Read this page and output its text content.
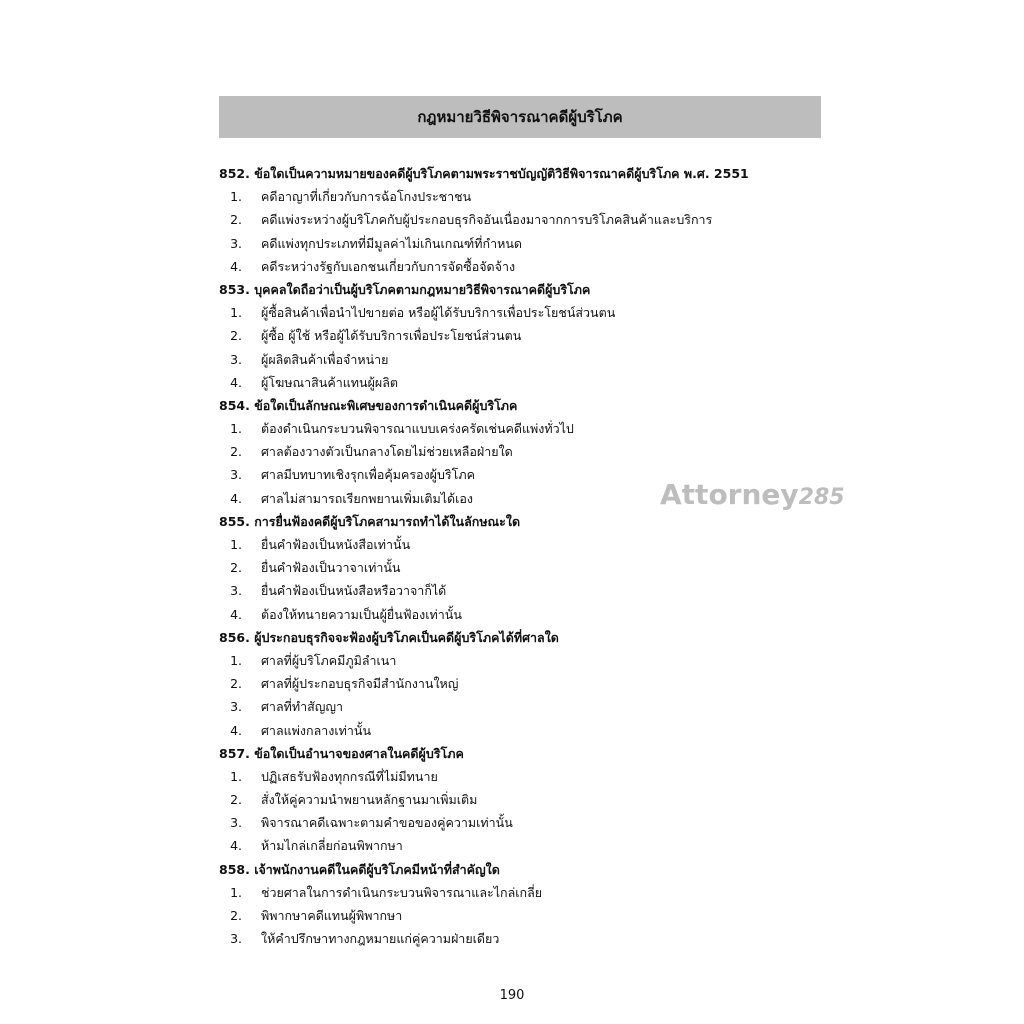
กฎหมายวิธีพิจารณาคดีผู้บริโภค
852. ข้อใดเป็นความหมายของคดีผู้บริโภคตามพระราชบัญญัติวิธีพิจารณาคดีผู้บริโภค พ.ศ. 2551
1. คดีอาญาที่เกี่ยวกับการฉ้อโกงประชาชน
2. คดีแพ่งระหว่างผู้บริโภคกับผู้ประกอบธุรกิจอันเนื่องมาจากการบริโภคสินค้าและบริการ
3. คดีแพ่งทุกประเภทที่มีมูลค่าไม่เกินเกณฑ์ที่กำหนด
4. คดีระหว่างรัฐกับเอกชนเกี่ยวกับการจัดซื้อจัดจ้าง
853. บุคคลใดถือว่าเป็นผู้บริโภคตามกฎหมายวิธีพิจารณาคดีผู้บริโภค
1. ผู้ซื้อสินค้าเพื่อนำไปขายต่อ หรือผู้ได้รับบริการเพื่อประโยชน์ส่วนตน
2. ผู้ซื้อ ผู้ใช้ หรือผู้ได้รับบริการเพื่อประโยชน์ส่วนตน
3. ผู้ผลิตสินค้าเพื่อจำหน่าย
4. ผู้โฆษณาสินค้าแทนผู้ผลิต
854. ข้อใดเป็นลักษณะพิเศษของการดำเนินคดีผู้บริโภค
1. ต้องดำเนินกระบวนพิจารณาแบบเคร่งครัดเช่นคดีแพ่งทั่วไป
2. ศาลต้องวางตัวเป็นกลางโดยไม่ช่วยเหลือฝ่ายใด
3. ศาลมีบทบาทเชิงรุกเพื่อคุ้มครองผู้บริโภค
4. ศาลไม่สามารถเรียกพยานเพิ่มเติมได้เอง
855. การยื่นฟ้องคดีผู้บริโภคสามารถทำได้ในลักษณะใด
1. ยื่นคำฟ้องเป็นหนังสือเท่านั้น
2. ยื่นคำฟ้องเป็นวาจาเท่านั้น
3. ยื่นคำฟ้องเป็นหนังสือหรือวาจาก็ได้
4. ต้องให้ทนายความเป็นผู้ยื่นฟ้องเท่านั้น
856. ผู้ประกอบธุรกิจจะฟ้องผู้บริโภคเป็นคดีผู้บริโภคได้ที่ศาลใด
1. ศาลที่ผู้บริโภคมีภูมิลำเนา
2. ศาลที่ผู้ประกอบธุรกิจมีสำนักงานใหญ่
3. ศาลที่ทำสัญญา
4. ศาลแพ่งกลางเท่านั้น
857. ข้อใดเป็นอำนาจของศาลในคดีผู้บริโภค
1. ปฏิเสธรับฟ้องทุกกรณีที่ไม่มีทนาย
2. สั่งให้คู่ความนำพยานหลักฐานมาเพิ่มเติม
3. พิจารณาคดีเฉพาะตามคำขอของคู่ความเท่านั้น
4. ห้ามไกล่เกลี่ยก่อนพิพากษา
858. เจ้าพนักงานคดีในคดีผู้บริโภคมีหน้าที่สำคัญใด
1. ช่วยศาลในการดำเนินกระบวนพิจารณาและไกล่เกลี่ย
2. พิพากษาคดีแทนผู้พิพากษา
3. ให้คำปรึกษาทางกฎหมายแก่คู่ความฝ่ายเดียว
Attorney285
190
